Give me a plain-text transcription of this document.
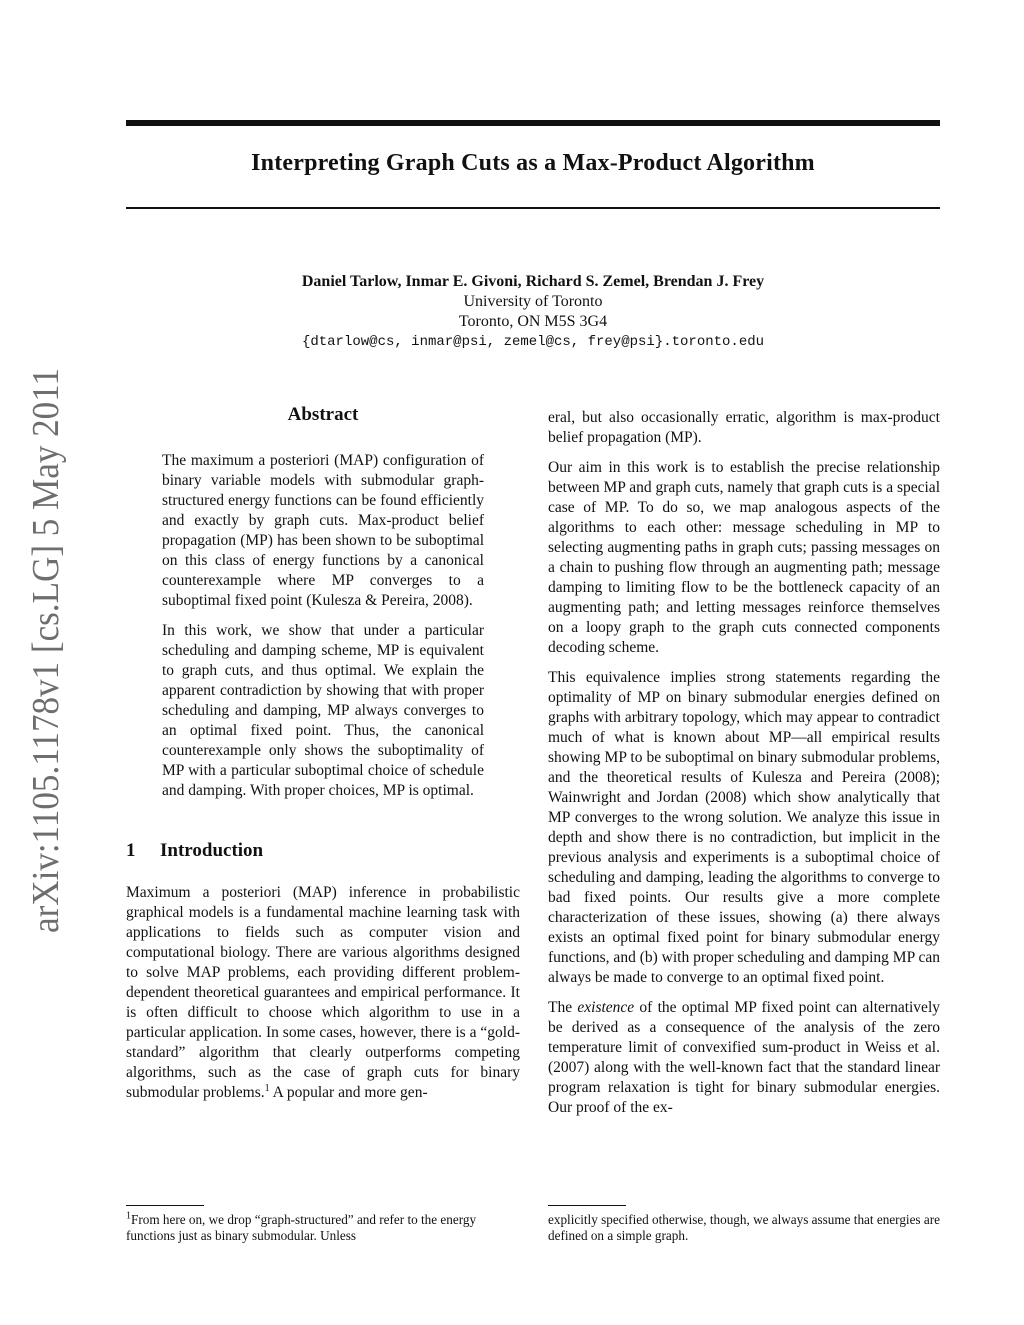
arXiv:1105.1178v1 [cs.LG] 5 May 2011
Interpreting Graph Cuts as a Max-Product Algorithm
Daniel Tarlow, Inmar E. Givoni, Richard S. Zemel, Brendan J. Frey
University of Toronto
Toronto, ON M5S 3G4
{dtarlow@cs, inmar@psi, zemel@cs, frey@psi}.toronto.edu
Abstract

The maximum a posteriori (MAP) configuration of binary variable models with submodular graph-structured energy functions can be found efficiently and exactly by graph cuts. Max-product belief propagation (MP) has been shown to be suboptimal on this class of energy functions by a canonical counterexample where MP converges to a suboptimal fixed point (Kulesza & Pereira, 2008).

In this work, we show that under a particular scheduling and damping scheme, MP is equivalent to graph cuts, and thus optimal. We explain the apparent contradiction by showing that with proper scheduling and damping, MP always converges to an optimal fixed point. Thus, the canonical counterexample only shows the suboptimality of MP with a particular suboptimal choice of schedule and damping. With proper choices, MP is optimal.

1 Introduction

Maximum a posteriori (MAP) inference in probabilistic graphical models is a fundamental machine learning task with applications to fields such as computer vision and computational biology. There are various algorithms designed to solve MAP problems, each providing different problem-dependent theoretical guarantees and empirical performance. It is often difficult to choose which algorithm to use in a particular application. In some cases, however, there is a “gold-standard” algorithm that clearly outperforms competing algorithms, such as the case of graph cuts for binary submodular problems.$^1$ A popular and more gen-

$^1$From here on, we drop “graph-structured” and refer to the energy functions just as binary submodular. Unless

eral, but also occasionally erratic, algorithm is max-product belief propagation (MP).

Our aim in this work is to establish the precise relationship between MP and graph cuts, namely that graph cuts is a special case of MP. To do so, we map analogous aspects of the algorithms to each other: message scheduling in MP to selecting augmenting paths in graph cuts; passing messages on a chain to pushing flow through an augmenting path; message damping to limiting flow to be the bottleneck capacity of an augmenting path; and letting messages reinforce themselves on a loopy graph to the graph cuts connected components decoding scheme.

This equivalence implies strong statements regarding the optimality of MP on binary submodular energies defined on graphs with arbitrary topology, which may appear to contradict much of what is known about MP—all empirical results showing MP to be suboptimal on binary submodular problems, and the theoretical results of Kulesza and Pereira (2008); Wainwright and Jordan (2008) which show analytically that MP converges to the wrong solution. We analyze this issue in depth and show there is no contradiction, but implicit in the previous analysis and experiments is a suboptimal choice of scheduling and damping, leading the algorithms to converge to bad fixed points. Our results give a more complete characterization of these issues, showing (a) there always exists an optimal fixed point for binary submodular energy functions, and (b) with proper scheduling and damping MP can always be made to converge to an optimal fixed point.

The existence of the optimal MP fixed point can alternatively be derived as a consequence of the analysis of the zero temperature limit of convexified sum-product in Weiss et al. (2007) along with the well-known fact that the standard linear program relaxation is tight for binary submodular energies. Our proof of the ex-

explicitly specified otherwise, though, we always assume that energies are defined on a simple graph.
